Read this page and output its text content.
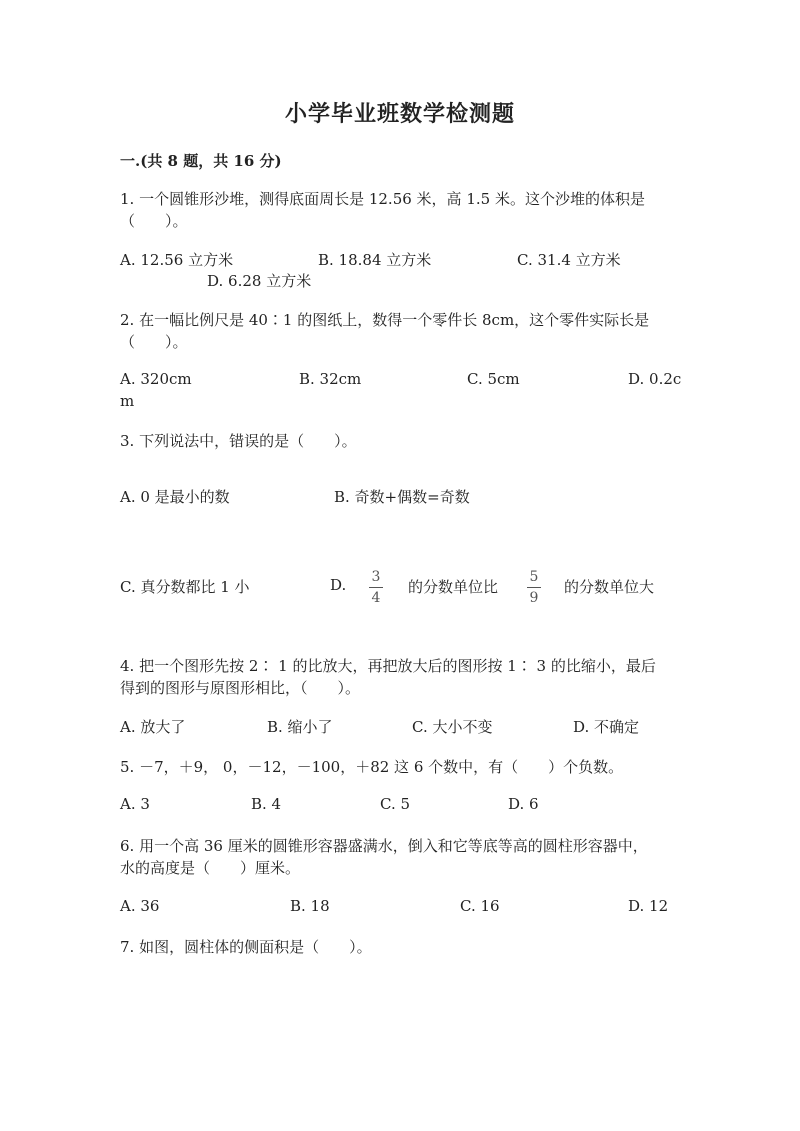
小学毕业班数学检测题
一.(共 8 题，共 16 分)
1. 一个圆锥形沙堆，测得底面周长是 12.56 米，高 1.5 米。这个沙堆的体积是
（　　）。
A. 12.56 立方米	B. 18.84 立方米	C. 31.4 立方米
D. 6.28 立方米
2. 在一幅比例尺是 40∶1 的图纸上，数得一个零件长 8cm，这个零件实际长是
（　　）。
A. 320cm	B. 32cm	C. 5cm	D. 0.2c
m
3. 下列说法中，错误的是（　　）。
A. 0 是最小的数	B. 奇数+偶数=奇数
C. 真分数都比 1 小	D. 3
4
的分数单位比
5
9
的分数单位大
4. 把一个图形先按 2∶ 1 的比放大，再把放大后的图形按 1∶ 3 的比缩小，最后
得到的图形与原图形相比，（　　）。
A. 放大了	B. 缩小了	C. 大小不变	D. 不确定
5. －7，＋9， 0，－12，－100，＋82 这 6 个数中，有（　　）个负数。
A. 3	B. 4	C. 5	D. 6
6. 用一个高 36 厘米的圆锥形容器盛满水，倒入和它等底等高的圆柱形容器中，
水的高度是（　　）厘米。
A. 36	B. 18	C. 16	D. 12
7. 如图，圆柱体的侧面积是（　　）。
